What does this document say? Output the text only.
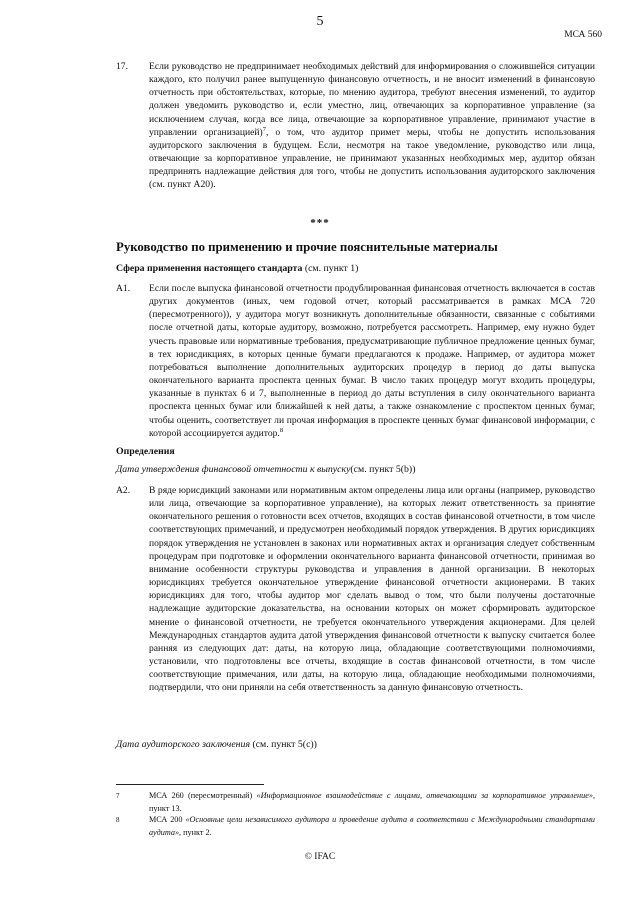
5
МСА 560
17. Если руководство не предпринимает необходимых действий для информирования о сложившейся ситуации каждого, кто получил ранее выпущенную финансовую отчетность, и не вносит изменений в финансовую отчетность при обстоятельствах, которые, по мнению аудитора, требуют внесения изменений, то аудитор должен уведомить руководство и, если уместно, лиц, отвечающих за корпоративное управление (за исключением случая, когда все лица, отвечающие за корпоративное управление, принимают участие в управлении организацией)$^7$, о том, что аудитор примет меры, чтобы не допустить использования аудиторского заключения в будущем. Если, несмотря на такое уведомление, руководство или лица, отвечающие за корпоративное управление, не принимают указанных необходимых мер, аудитор обязан предпринять надлежащие действия для того, чтобы не допустить использования аудиторского заключения (см. пункт А20).
***
Руководство по применению и прочие пояснительные материалы
Сфера применения настоящего стандарта (см. пункт 1)
А1. Если после выпуска финансовой отчетности продублированная финансовая отчетность включается в состав других документов (иных, чем годовой отчет, который рассматривается в рамках МСА 720 (пересмотренного)), у аудитора могут возникнуть дополнительные обязанности, связанные с событиями после отчетной даты, которые аудитору, возможно, потребуется рассмотреть. Например, ему нужно будет учесть правовые или нормативные требования, предусматривающие публичное предложение ценных бумаг, в тех юрисдикциях, в которых ценные бумаги предлагаются к продаже. Например, от аудитора может потребоваться выполнение дополнительных аудиторских процедур в период до даты выпуска окончательного варианта проспекта ценных бумаг. В число таких процедур могут входить процедуры, указанные в пунктах 6 и 7, выполненные в период до даты вступления в силу окончательного варианта проспекта ценных бумаг или ближайшей к ней даты, а также ознакомление с проспектом ценных бумаг, чтобы оценить, соответствует ли прочая информация в проспекте ценных бумаг финансовой информации, с которой ассоциируется аудитор.$^8$
Определения
Дата утверждения финансовой отчетности к выпуску(см. пункт 5(b))
А2. В ряде юрисдикций законами или нормативным актом определены лица или органы (например, руководство или лица, отвечающие за корпоративное управление), на которых лежит ответственность за принятие окончательного решения о готовности всех отчетов, входящих в состав финансовой отчетности, в том числе соответствующих примечаний, и предусмотрен необходимый порядок утверждения. В других юрисдикциях порядок утверждения не установлен в законах или нормативных актах и организация следует собственным процедурам при подготовке и оформлении окончательного варианта финансовой отчетности, принимая во внимание особенности структуры руководства и управления в данной организации. В некоторых юрисдикциях требуется окончательное утверждение финансовой отчетности акционерами. В таких юрисдикциях для того, чтобы аудитор мог сделать вывод о том, что были получены достаточные надлежащие аудиторские доказательства, на основании которых он может сформировать аудиторское мнение о финансовой отчетности, не требуется окончательного утверждения акционерами. Для целей Международных стандартов аудита датой утверждения финансовой отчетности к выпуску считается более ранняя из следующих дат: даты, на которую лица, обладающие соответствующими полномочиями, установили, что подготовлены все отчеты, входящие в состав финансовой отчетности, в том числе соответствующие примечания, или даты, на которую лица, обладающие необходимыми полномочиями, подтвердили, что они приняли на себя ответственность за данную финансовую отчетность.
Дата аудиторского заключения (см. пункт 5(c))
7	МСА 260 (пересмотренный) «Информационное взаимодействие с лицами, отвечающими за корпоративное управление», пункт 13.
8	МСА 200 «Основные цели независимого аудитора и проведение аудита в соответствии с Международными стандартами аудита», пункт 2.
© IFAC
